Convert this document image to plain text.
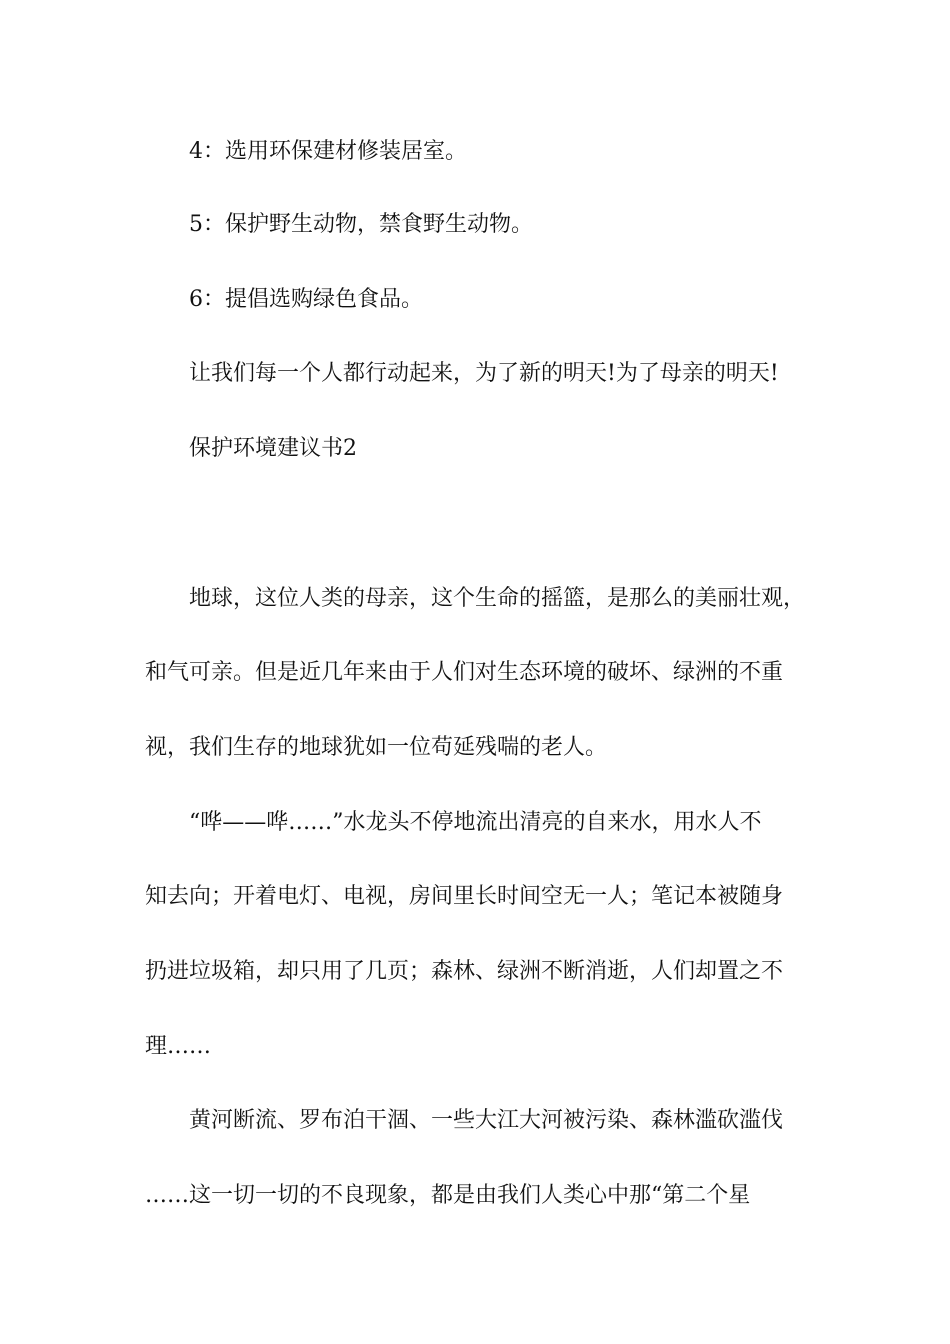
4：选用环保建材修装居室。

5：保护野生动物，禁食野生动物。

6：提倡选购绿色食品。

让我们每一个人都行动起来，为了新的明天!为了母亲的明天!

保护环境建议书2

地球，这位人类的母亲，这个生命的摇篮，是那么的美丽壮观，

和气可亲。但是近几年来由于人们对生态环境的破坏、绿洲的不重

视，我们生存的地球犹如一位苟延残喘的老人。

“哗——哗……”水龙头不停地流出清亮的自来水，用水人不

知去向；开着电灯、电视，房间里长时间空无一人；笔记本被随身

扔进垃圾箱，却只用了几页；森林、绿洲不断消逝，人们却置之不

理……

黄河断流、罗布泊干涸、一些大江大河被污染、森林滥砍滥伐

……这一切一切的不良现象，都是由我们人类心中那“第二个星
